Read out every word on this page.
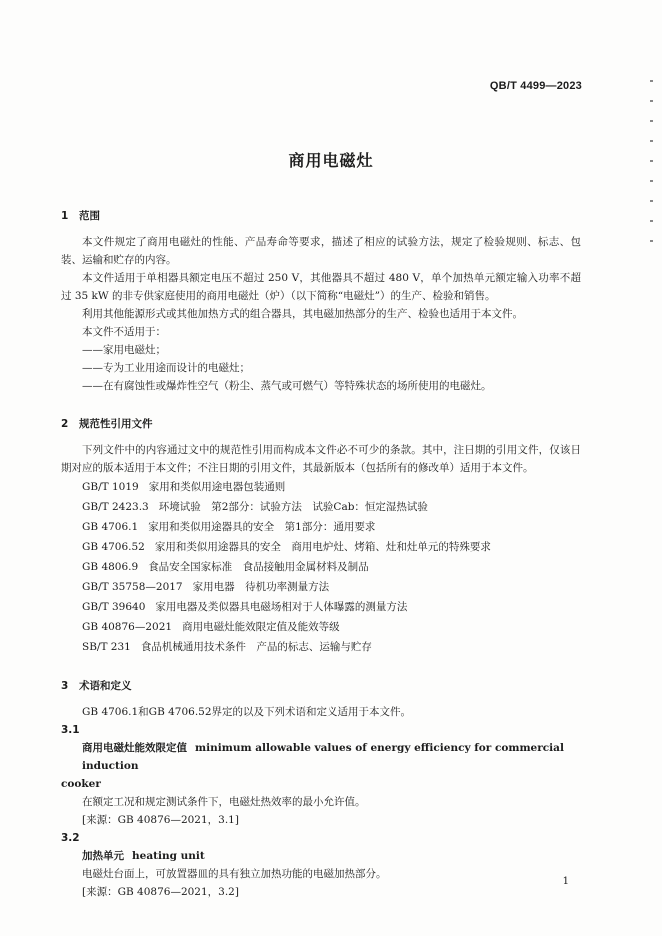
QB/T 4499—2023
商用电磁灶

1 范围

本文件规定了商用电磁灶的性能、产品寿命等要求，描述了相应的试验方法，规定了检验规则、标志、包装、运输和贮存的内容。

本文件适用于单相器具额定电压不超过 250 V，其他器具不超过 480 V，单个加热单元额定输入功率不超过 35 kW 的非专供家庭使用的商用电磁灶（炉）（以下简称“电磁灶”）的生产、检验和销售。

利用其他能源形式或其他加热方式的组合器具，其电磁加热部分的生产、检验也适用于本文件。

本文件不适用于：

——家用电磁灶；

——专为工业用途而设计的电磁灶；

——在有腐蚀性或爆炸性空气（粉尘、蒸气或可燃气）等特殊状态的场所使用的电磁灶。

2 规范性引用文件

下列文件中的内容通过文中的规范性引用而构成本文件必不可少的条款。其中，注日期的引用文件，仅该日期对应的版本适用于本文件；不注日期的引用文件，其最新版本（包括所有的修改单）适用于本文件。

GB/T 1019 家用和类似用途电器包装通则
GB/T 2423.3 环境试验　第2部分：试验方法　试验Cab：恒定湿热试验
GB 4706.1 家用和类似用途器具的安全　第1部分：通用要求
GB 4706.52 家用和类似用途器具的安全　商用电炉灶、烤箱、灶和灶单元的特殊要求
GB 4806.9 食品安全国家标准　食品接触用金属材料及制品
GB/T 35758—2017 家用电器　待机功率测量方法
GB/T 39640 家用电器及类似器具电磁场相对于人体曝露的测量方法
GB 40876—2021 商用电磁灶能效限定值及能效等级
SB/T 231 食品机械通用技术条件　产品的标志、运输与贮存

3 术语和定义

GB 4706.1和GB 4706.52界定的以及下列术语和定义适用于本文件。

3.1

商用电磁灶能效限定值 minimum allowable values of energy efficiency for commercial induction

cooker

在额定工况和规定测试条件下，电磁灶热效率的最小允许值。

[来源：GB 40876—2021，3.1]

3.2

加热单元 heating unit

电磁灶台面上，可放置器皿的具有独立加热功能的电磁加热部分。

[来源：GB 40876—2021，3.2]

1
